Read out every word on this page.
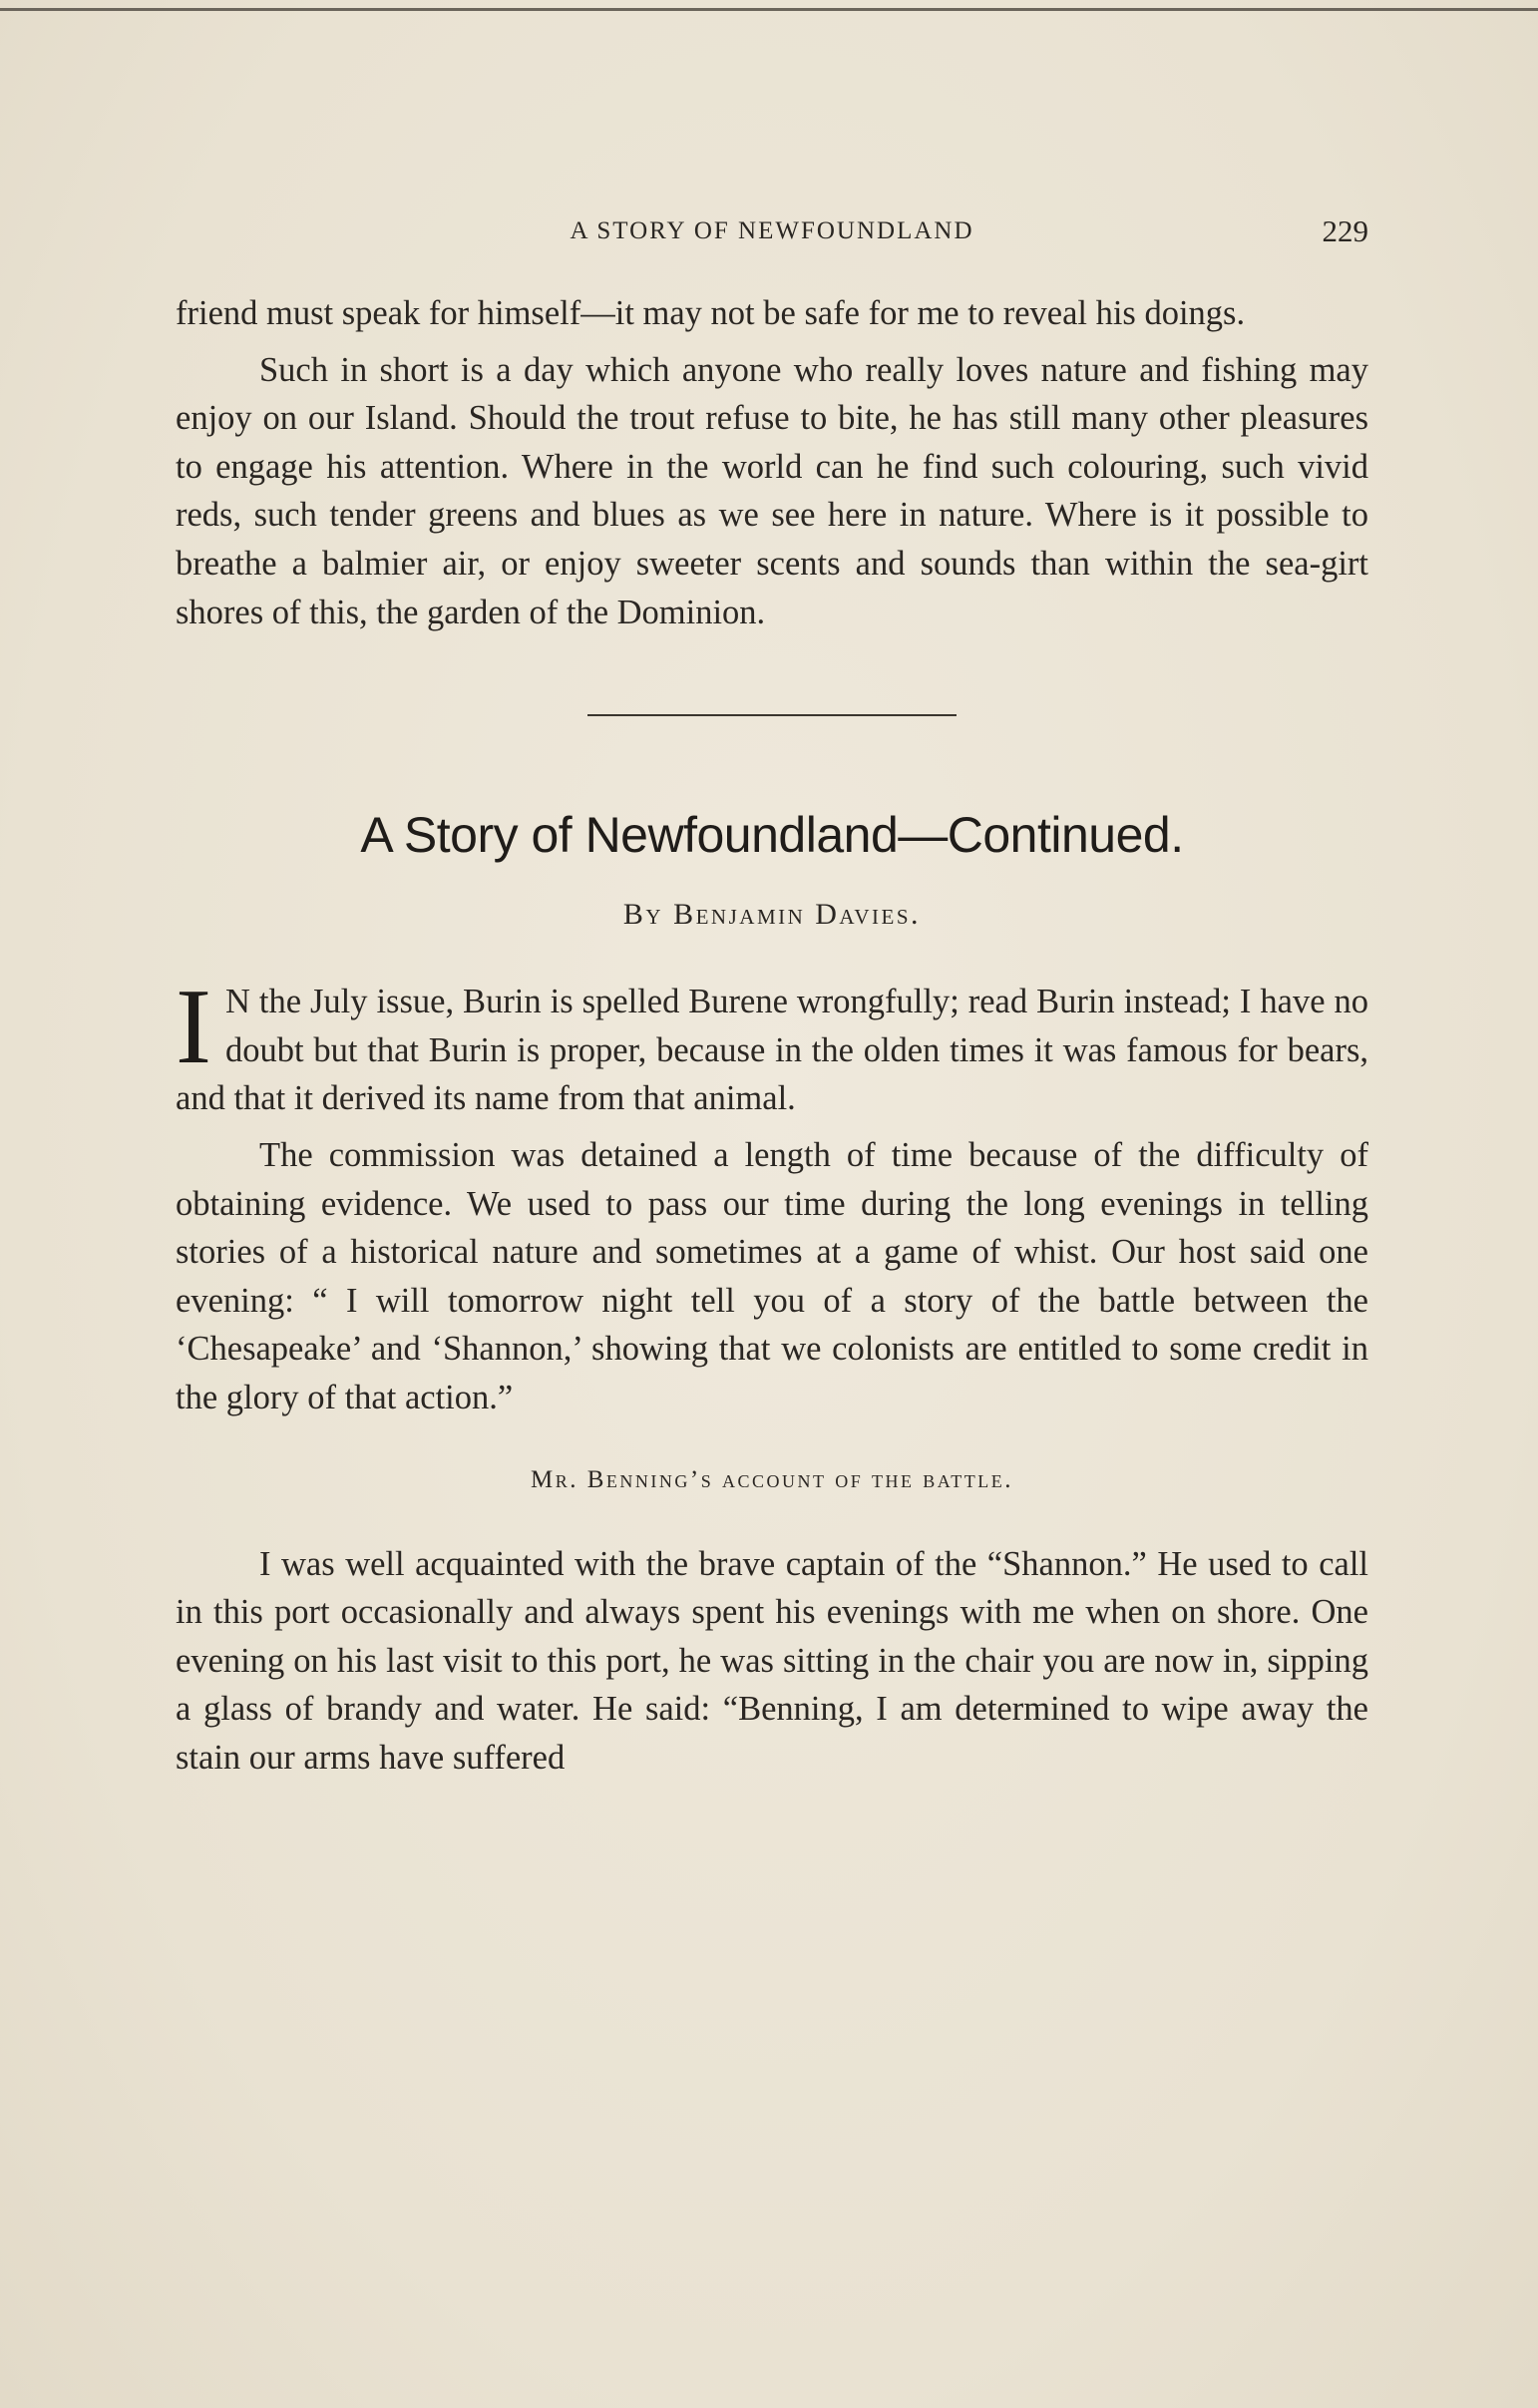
A STORY OF NEWFOUNDLAND	229

friend must speak for himself—it may not be safe for me to reveal his doings.

Such in short is a day which anyone who really loves nature and fishing may enjoy on our Island. Should the trout refuse to bite, he has still many other pleasures to engage his attention. Where in the world can he find such colouring, such vivid reds, such tender greens and blues as we see here in nature. Where is it possible to breathe a balmier air, or enjoy sweeter scents and sounds than within the sea-girt shores of this, the garden of the Dominion.

A Story of Newfoundland—Continued.
By Benjamin Davies.
I N the July issue, Burin is spelled Burene wrongfully; read Burin instead; I have no doubt but that Burin is proper, because in the olden times it was famous for bears, and that it derived its name from that animal.

The commission was detained a length of time because of the difficulty of obtaining evidence. We used to pass our time during the long evenings in telling stories of a historical nature and sometimes at a game of whist. Our host said one evening: “ I will tomorrow night tell you of a story of the battle between the ‘Chesapeake’ and ‘Shannon,’ showing that we colonists are entitled to some credit in the glory of that action.”

Mr. Benning’s account of the battle.

I was well acquainted with the brave captain of the “Shannon.” He used to call in this port occasionally and always spent his evenings with me when on shore. One evening on his last visit to this port, he was sitting in the chair you are now in, sipping a glass of brandy and water. He said: “Benning, I am determined to wipe away the stain our arms have suffered
